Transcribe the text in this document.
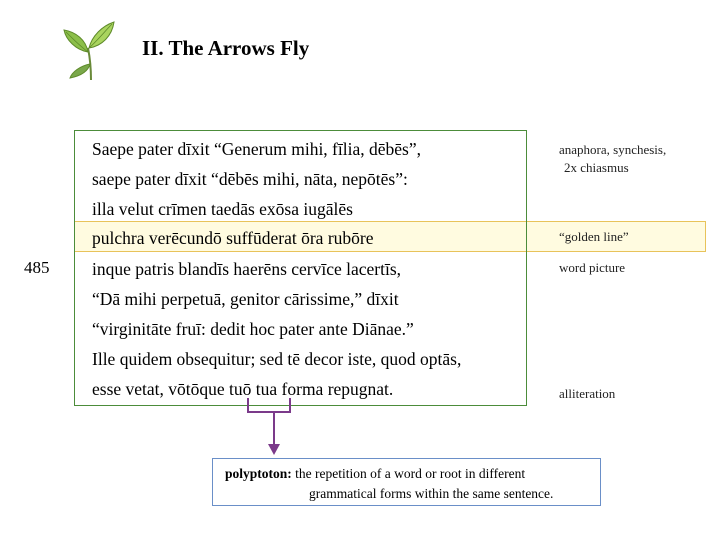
II. The Arrows Fly
485
Saepe pater dīxit “Generum mihi, fīlia, dēbēs”,
saepe pater dīxit “dēbēs mihi, nāta, nepōtēs”:
illa velut crīmen taedās exōsa iugālēs
pulchra verēcundō suffūderat ōra rubōre
inque patris blandīs haerēns cervīce lacertīs,
“Dā mihi perpetuā, genitor cārissime,” dīxit
“virginitāte fruī: dedit hoc pater ante Diānae.”
Ille quidem obsequitur; sed tē decor iste, quod optās,
esse vetat, vōtōque tuō tua forma repugnat.
anaphora, synchesis,
2x chiasmus
“golden line”
word picture
alliteration
polyptoton: the repetition of a word or root in different
grammatical forms within the same sentence.
